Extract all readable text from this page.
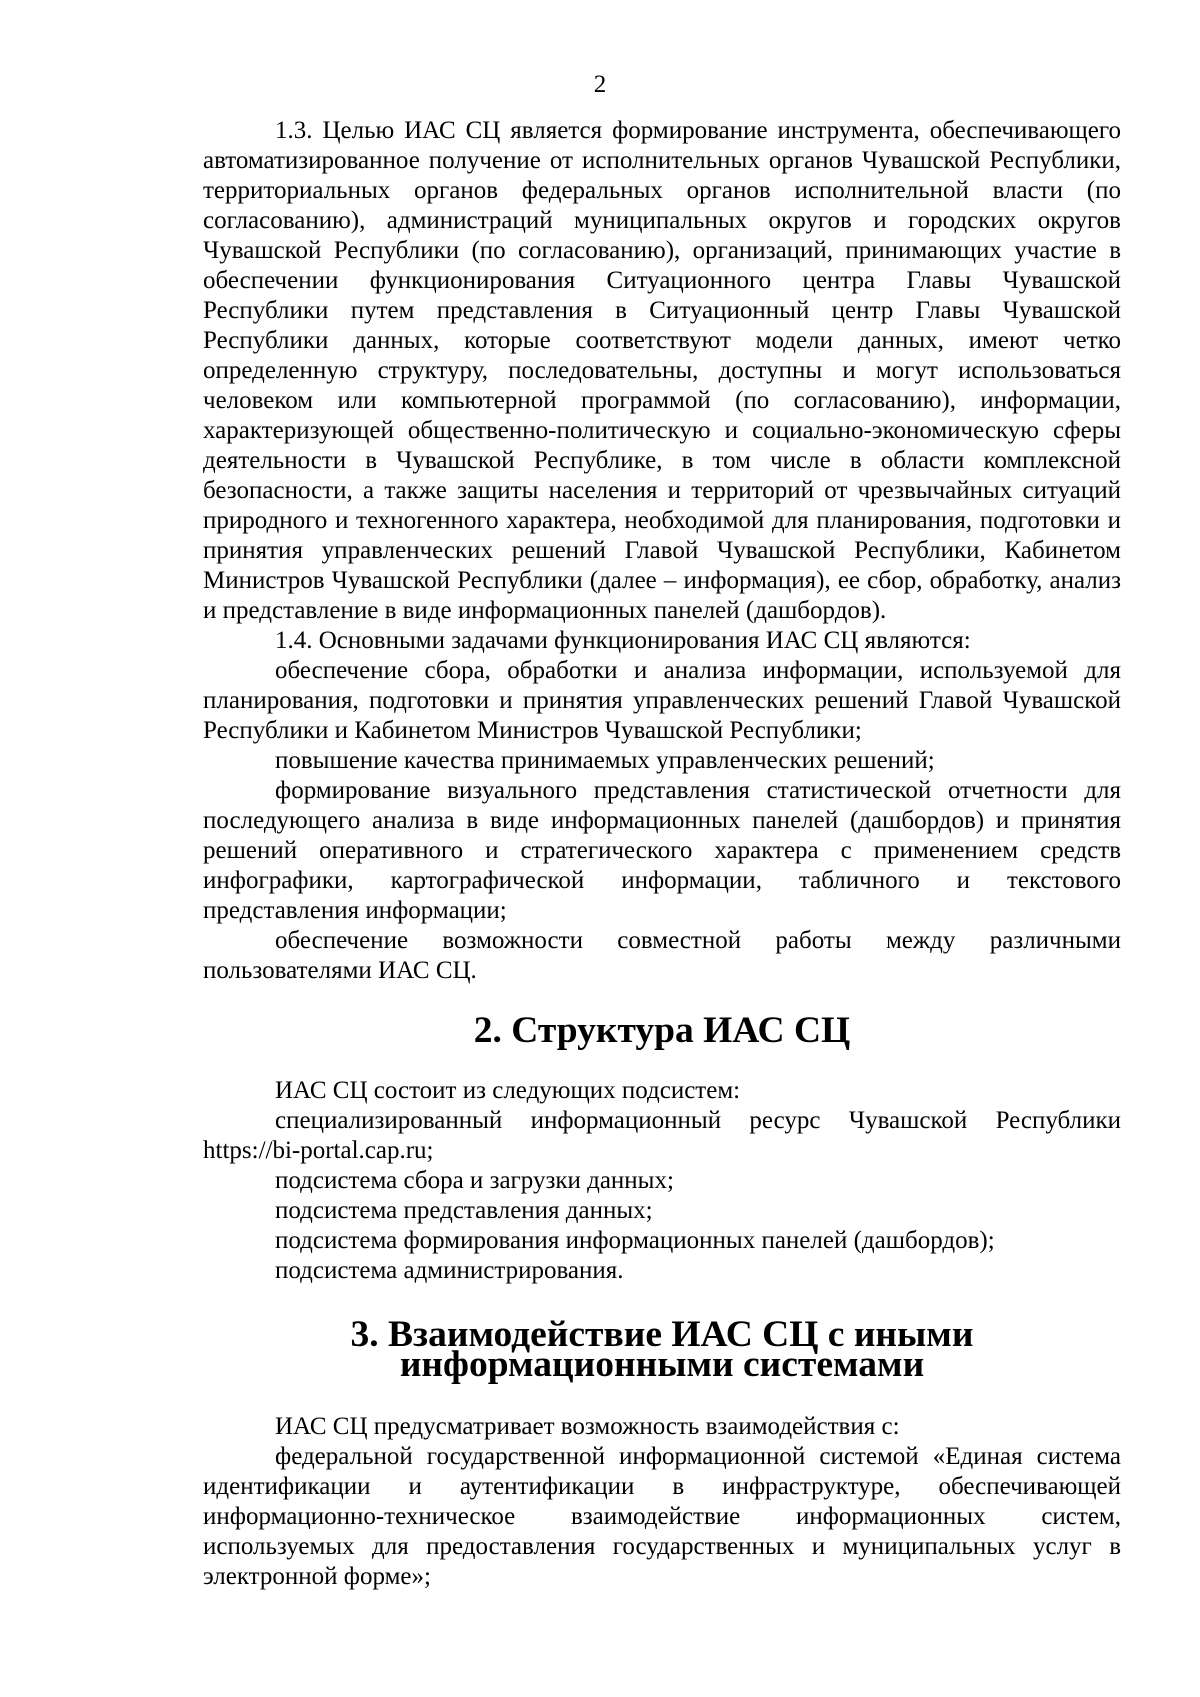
2

1.3. Целью ИАС СЦ является формирование инструмента, обеспечивающего автоматизированное получение от исполнительных органов Чувашской Республики, территориальных органов федеральных органов исполнительной власти (по согласованию), администраций муниципальных округов и городских округов Чувашской Республики (по согласованию), организаций, принимающих участие в обеспечении функционирования Ситуационного центра Главы Чувашской Республики путем представления в Ситуационный центр Главы Чувашской Республики данных, которые соответствуют модели данных, имеют четко определенную структуру, последовательны, доступны и могут использоваться человеком или компьютерной программой (по согласованию), информации, характеризующей общественно-политическую и социально-экономическую сферы деятельности в Чувашской Республике, в том числе в области комплексной безопасности, а также защиты населения и территорий от чрезвычайных ситуаций природного и техногенного характера, необходимой для планирования, подготовки и принятия управленческих решений Главой Чувашской Республики, Кабинетом Министров Чувашской Республики (далее – информация), ее сбор, обработку, анализ и представление в виде информационных панелей (дашбордов).

1.4. Основными задачами функционирования ИАС СЦ являются:

обеспечение сбора, обработки и анализа информации, используемой для планирования, подготовки и принятия управленческих решений Главой Чувашской Республики и Кабинетом Министров Чувашской Республики;

повышение качества принимаемых управленческих решений;

формирование визуального представления статистической отчетности для последующего анализа в виде информационных панелей (дашбордов) и принятия решений оперативного и стратегического характера с применением средств инфографики, картографической информации, табличного и текстового представления информации;

обеспечение возможности совместной работы между различными пользователями ИАС СЦ.

2. Структура ИАС СЦ

ИАС СЦ состоит из следующих подсистем:

специализированный информационный ресурс Чувашской Республики https://bi-portal.cap.ru;

подсистема сбора и загрузки данных;

подсистема представления данных;

подсистема формирования информационных панелей (дашбордов);

подсистема администрирования.

3. Взаимодействие ИАС СЦ с иными информационными системами

ИАС СЦ предусматривает возможность взаимодействия с:

федеральной государственной информационной системой «Единая система идентификации и аутентификации в инфраструктуре, обеспечивающей информационно-техническое взаимодействие информационных систем, используемых для предоставления государственных и муниципальных услуг в электронной форме»;
